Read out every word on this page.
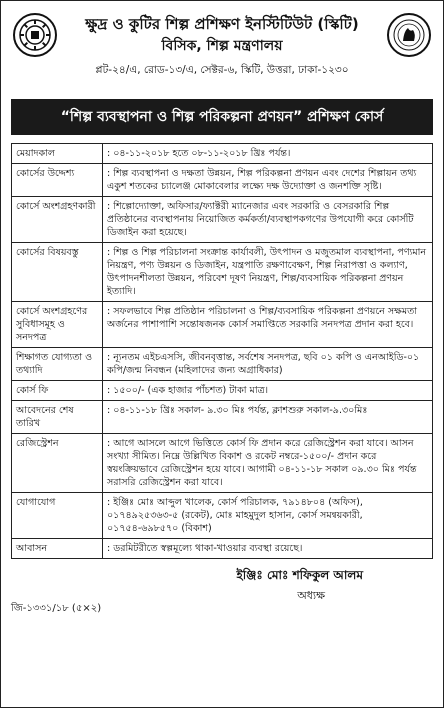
ক্ষুদ্র ও কুটির শিল্প প্রশিক্ষণ ইনস্টিটিউট (স্কিটি)
বিসিক, শিল্প মন্ত্রণালয়
প্লট-২৪/এ, রোড-১৩/এ, সেক্টর-৬, স্কিটি, উত্তরা, ঢাকা-১২৩০
“শিল্প ব্যবস্থাপনা ও শিল্প পরিকল্পনা প্রণয়ন” প্রশিক্ষণ কোর্স
মেয়াদকাল	: ০৪-১১-২০১৮ হতে ০৮-১১-২০১৮ খ্রিঃ পর্যন্ত।
কোর্সের উদ্দেশ্য	: শিল্প ব্যবস্থাপনা ও দক্ষতা উন্নয়ন, শিল্প পরিকল্পনা প্রণয়ন এবং দেশের শিল্পায়ন তথ্য একুশ শতকের চ্যালেঞ্জ মোকাবেলার লক্ষ্যে দক্ষ উদ্যোক্তা ও জনশক্তি সৃষ্টি।
কোর্সে অংশগ্রহণকারী	: শিল্পোদ্যোক্তা, অফিসার/ফ্যাক্টরী ম্যানেজার এবং সরকারি ও বেসরকারি শিল্প প্রতিষ্ঠানের ব্যবস্থাপনায় নিয়োজিত কর্মকর্তা/ব্যবস্থাপকগণের উপযোগী করে কোর্সটি ডিজাইন করা হয়েছে।
কোর্সের বিষয়বস্তু	: শিল্প ও শিল্প পরিচালনা সংক্রান্ত কার্যাবলী, উৎপাদন ও মজুতমাল ব্যবস্থাপনা, পণ্যমান নিয়ন্ত্রণ, পণ্য উন্নয়ন ও ডিজাইন, যন্ত্রপাতি রক্ষণাবেক্ষণ, শিল্প নিরাপত্তা ও কল্যাণ, উৎপাদনশীলতা উন্নয়ন, পরিবেশ দূষণ নিয়ন্ত্রণ, শিল্প/ব্যবসায়িক পরিকল্পনা প্রণয়ন ইত্যাদি।
কোর্সে অংশগ্রহণের সুবিধাসমূহ ও সনদপত্র	: সফলভাবে শিল্প প্রতিষ্ঠান পরিচালনা ও শিল্প/ব্যবসায়িক পরিকল্পনা প্রণয়নে সক্ষমতা অর্জনের পাশাপাশি সন্তোষজনক কোর্স সমাপ্তিতে সরকারি সনদপত্র প্রদান করা হবে।
শিক্ষাগত যোগ্যতা ও তথ্যাদি	: ন্যূনতম এইচএসসি, জীবনবৃত্তান্ত, সর্বশেষ সনদপত্র, ছবি ০১ কপি ও এনআইডি-০১ কপি/জন্ম নিবন্ধন (মহিলাদের জন্য অগ্রাধিকার)
কোর্স ফি	: ১৫০০/- (এক হাজার পাঁচশত) টাকা মাত্র।
আবেদনের শেষ তারিখ	: ০৪-১১-১৮ খ্রিঃ সকাল- ৯.৩০ মিঃ পর্যন্ত, ক্লাশশুরু সকাল-৯.৩০মিঃ
রেজিস্ট্রেশন	: আগে আসলে আগে ভিত্তিতে কোর্স ফি প্রদান করে রেজিস্ট্রেশন করা যাবে। আসন সংখ্যা সীমিত। নিম্নে উল্লিখিত বিকাশ ও রকেট নম্বরে-১৫০০/- প্রদান করে স্বয়ংক্রিয়ভাবে রেজিস্ট্রেশন হয়ে যাবে। আগামী ০৪-১১-১৮ সকাল ০৯.৩০ মিঃ পর্যন্ত সরাসরি রেজিস্ট্রেশন করা যাবে।
যোগাযোগ	: ইঞ্জিঃ মোঃ আব্দুল খালেক, কোর্স পরিচালক, ৭৯১৪৮০৪ (অফিস), ০১৭৪৯২৫৩৬৩-৫ (রকেট), মোঃ মাহমুদুল হাসান, কোর্স সমন্বয়কারী, ০১৭৫৪-৬৯৮৫৭০ (বিকাশ)
আবাসন	: ডরমিটরীতে স্বল্পমূল্যে থাকা-খাওয়ার ব্যবস্থা রয়েছে।
ইঞ্জিঃ মোঃ শফিকুল আলম
অধ্যক্ষ
জি-১৩৩১/১৮ (৫×২)
